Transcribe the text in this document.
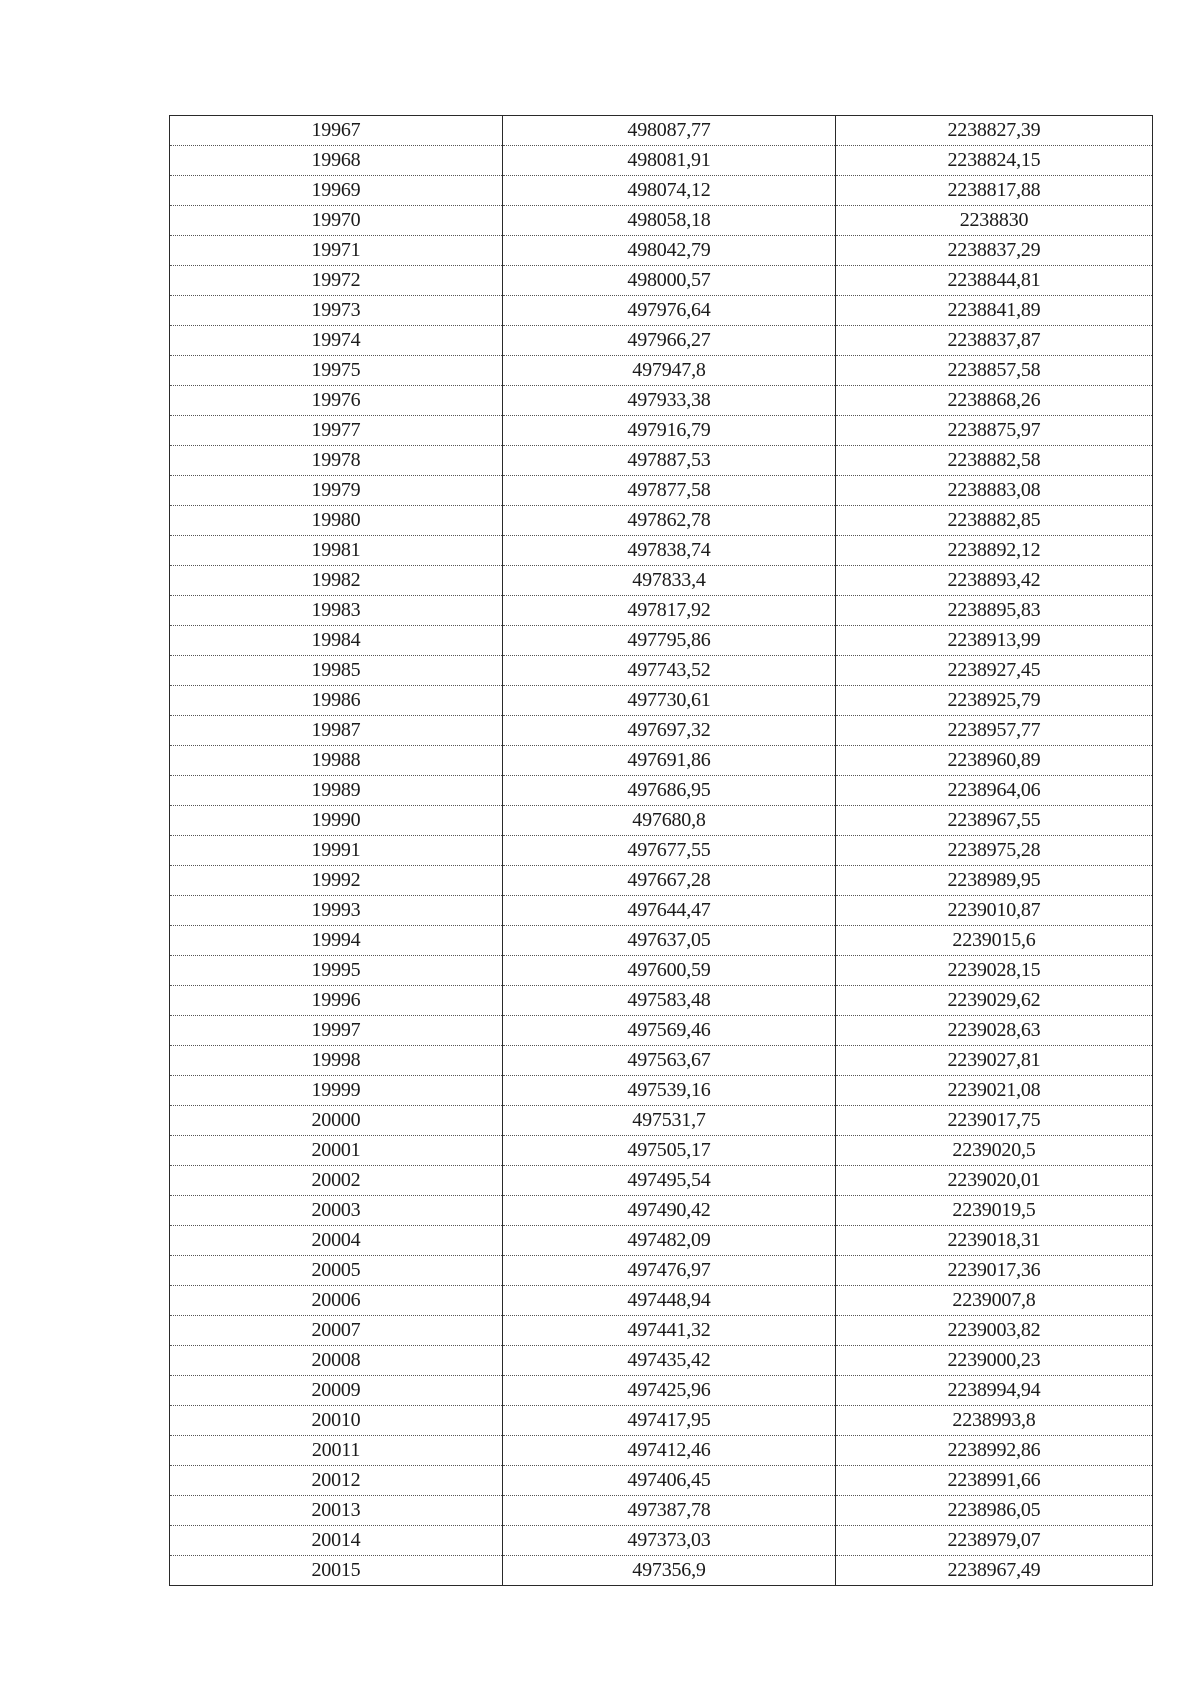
19967	498087,77	2238827,39
19968	498081,91	2238824,15
19969	498074,12	2238817,88
19970	498058,18	2238830
19971	498042,79	2238837,29
19972	498000,57	2238844,81
19973	497976,64	2238841,89
19974	497966,27	2238837,87
19975	497947,8	2238857,58
19976	497933,38	2238868,26
19977	497916,79	2238875,97
19978	497887,53	2238882,58
19979	497877,58	2238883,08
19980	497862,78	2238882,85
19981	497838,74	2238892,12
19982	497833,4	2238893,42
19983	497817,92	2238895,83
19984	497795,86	2238913,99
19985	497743,52	2238927,45
19986	497730,61	2238925,79
19987	497697,32	2238957,77
19988	497691,86	2238960,89
19989	497686,95	2238964,06
19990	497680,8	2238967,55
19991	497677,55	2238975,28
19992	497667,28	2238989,95
19993	497644,47	2239010,87
19994	497637,05	2239015,6
19995	497600,59	2239028,15
19996	497583,48	2239029,62
19997	497569,46	2239028,63
19998	497563,67	2239027,81
19999	497539,16	2239021,08
20000	497531,7	2239017,75
20001	497505,17	2239020,5
20002	497495,54	2239020,01
20003	497490,42	2239019,5
20004	497482,09	2239018,31
20005	497476,97	2239017,36
20006	497448,94	2239007,8
20007	497441,32	2239003,82
20008	497435,42	2239000,23
20009	497425,96	2238994,94
20010	497417,95	2238993,8
20011	497412,46	2238992,86
20012	497406,45	2238991,66
20013	497387,78	2238986,05
20014	497373,03	2238979,07
20015	497356,9	2238967,49
